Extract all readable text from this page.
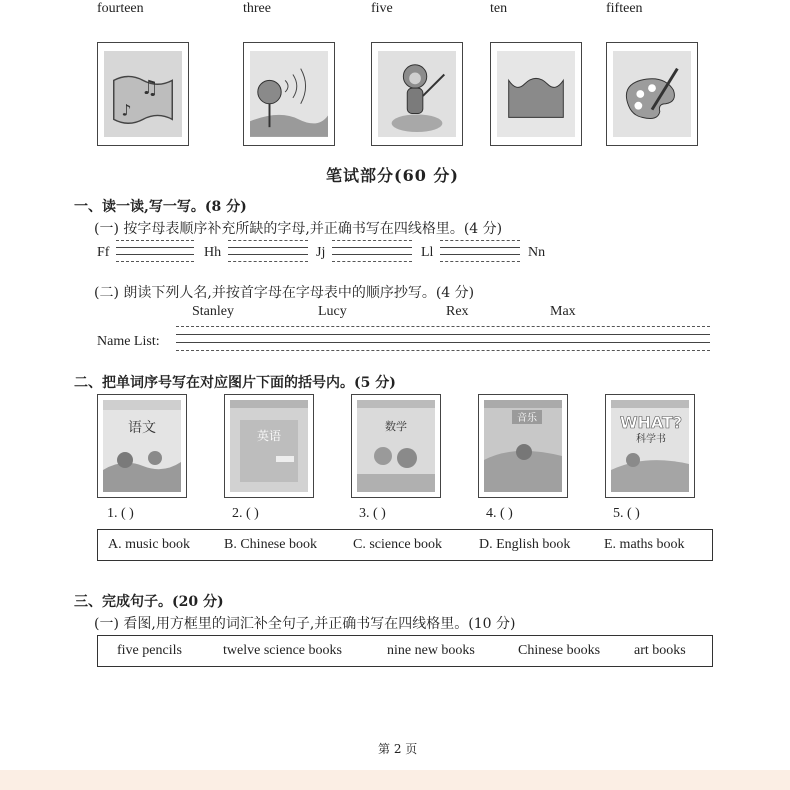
fourteen	three	five	ten	fifteen
♫
♪
笔试部分(60 分)
一、读一读,写一写。(8 分)
(一) 按字母表顺序补充所缺的字母,并正确书写在四线格里。(4 分)
Ff	Hh	Jj	Ll	Nn
(二) 朗读下列人名,并按首字母在字母表中的顺序抄写。(4 分)
Stanley	Lucy	Rex	Max
Name List:
二、把单词序号写在对应图片下面的括号内。(5 分)
语文	英语
数学
音乐	WHAT?
科学书
1. ( )	2. ( )	3. ( )	4. ( )	5. ( )
A. music book B. Chinese book	C. science book	D. English book E. maths book
三、完成句子。(20 分)
(一) 看图,用方框里的词汇补全句子,并正确书写在四线格里。(10 分)
five pencils	twelve science books	nine new books	Chinese books art books
第 2 页
